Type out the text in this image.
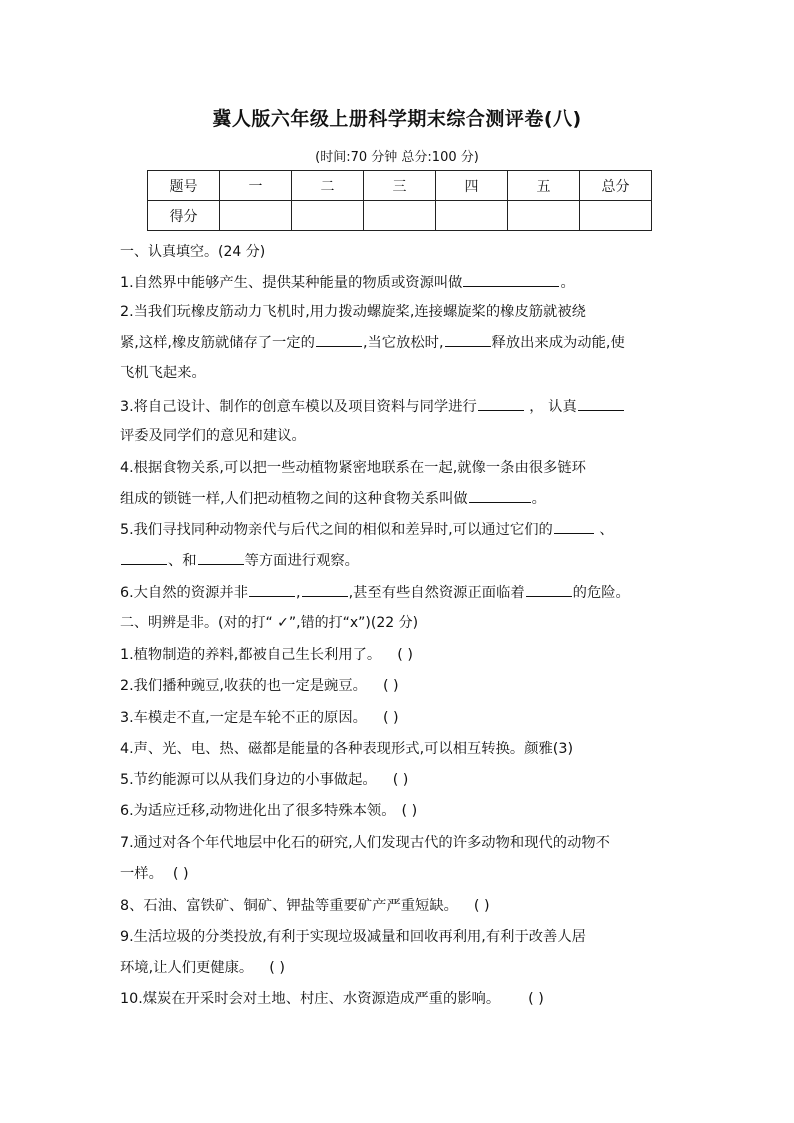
冀人版六年级上册科学期末综合测评卷(八)
(时间:70 分钟 总分:100 分)
题号	一	二	三	四	五	总分
得分						
一、认真填空。(24 分)
1.自然界中能够产生、提供某种能量的物质或资源叫做	。
2.当我们玩橡皮筋动力飞机时,用力拨动螺旋桨,连接螺旋桨的橡皮筋就被绕
紧,这样,橡皮筋就储存了一定的	,当它放松时,	释放出来成为动能,使
飞机飞起来。
3.将自己设计、制作的创意车模以及项目资料与同学进行	， 认真
评委及同学们的意见和建议。
4.根据食物关系,可以把一些动植物紧密地联系在一起,就像一条由很多链环
组成的锁链一样,人们把动植物之间的这种食物关系叫做	。
5.我们寻找同种动物亲代与后代之间的相似和差异时,可以通过它们的	、
、和	等方面进行观察。
6.大自然的资源并非	,	,甚至有些自然资源正面临着	的危险。
二、明辨是非。(对的打“ ✓”,错的打“x”)(22 分)
1.植物制造的养料,都被自己生长利用了。 ( )
2.我们播种豌豆,收获的也一定是豌豆。 ( )
3.车模走不直,一定是车轮不正的原因。 ( )
4.声、光、电、热、磁都是能量的各种表现形式,可以相互转换。颜雅(3)
5.节约能源可以从我们身边的小事做起。 ( )
6.为适应迁移,动物进化出了很多特殊本领。 ( )
7.通过对各个年代地层中化石的研究,人们发现古代的许多动物和现代的动物不
一样。 ( )
8、石油、富铁矿、铜矿、钾盐等重要矿产严重短缺。 ( )
9.生活垃圾的分类投放,有利于实现垃圾减量和回收再利用,有利于改善人居
环境,让人们更健康。 ( )
10.煤炭在开采时会对土地、村庄、水资源造成严重的影响。 ( )
